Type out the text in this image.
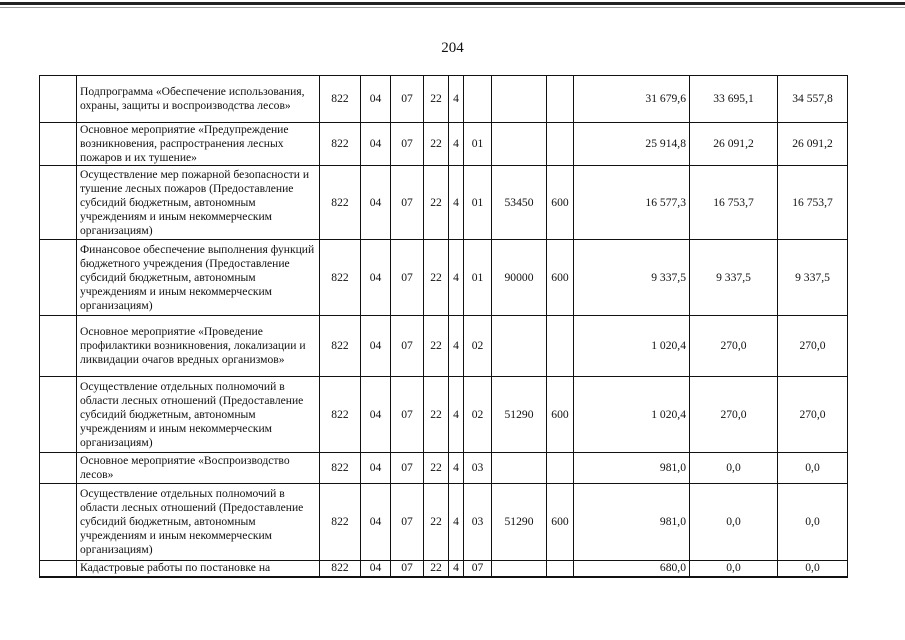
204
	Подпрограмма «Обеспечение использования, охраны, защиты и воспроизводства лесов»	822	04	07	22	4				31 679,6	33 695,1	34 557,8
	Основное мероприятие «Предупреждение возникновения, распространения лесных пожаров и их тушение»	822	04	07	22	4	01			25 914,8	26 091,2	26 091,2
	Осуществление мер пожарной безопасности и тушение лесных пожаров (Предоставление субсидий бюджетным, автономным учреждениям и иным некоммерческим организациям)	822	04	07	22	4	01	53450	600	16 577,3	16 753,7	16 753,7
	Финансовое обеспечение выполнения функций бюджетного учреждения (Предоставление субсидий бюджетным, автономным учреждениям и иным некоммерческим организациям)	822	04	07	22	4	01	90000	600	9 337,5	9 337,5	9 337,5
	Основное мероприятие «Проведение профилактики возникновения, локализации и ликвидации очагов вредных организмов»	822	04	07	22	4	02			1 020,4	270,0	270,0
	Осуществление отдельных полномочий в области лесных отношений (Предоставление субсидий бюджетным, автономным учреждениям и иным некоммерческим организациям)	822	04	07	22	4	02	51290	600	1 020,4	270,0	270,0
	Основное мероприятие «Воспроизводство лесов»	822	04	07	22	4	03			981,0	0,0	0,0
	Осуществление отдельных полномочий в области лесных отношений (Предоставление субсидий бюджетным, автономным учреждениям и иным некоммерческим организациям)	822	04	07	22	4	03	51290	600	981,0	0,0	0,0
	Кадастровые работы по постановке на	822	04	07	22	4	07			680,0	0,0	0,0
